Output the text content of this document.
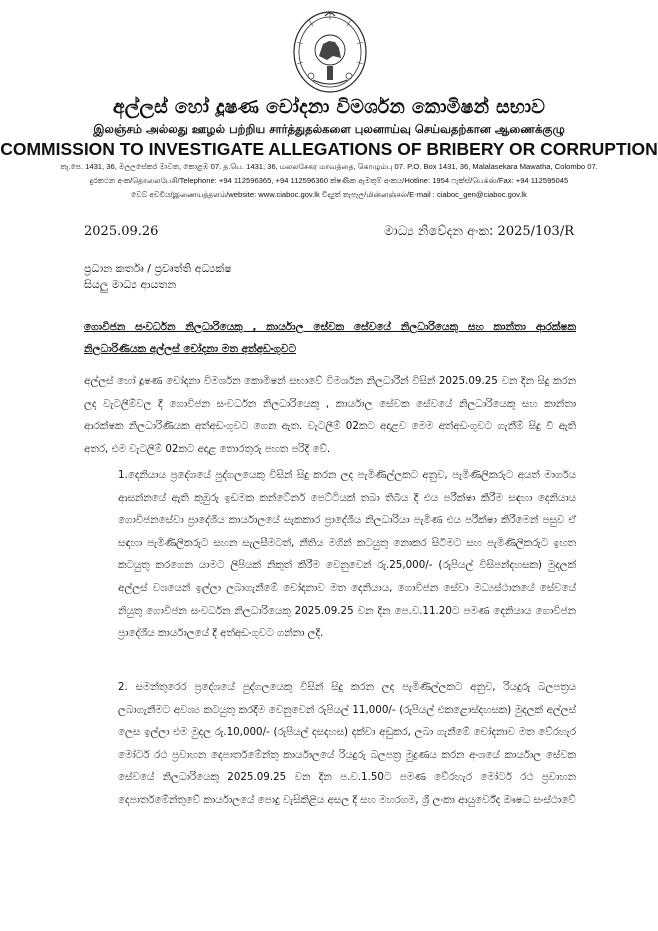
අල්ලස් හෝ දූෂණ චෝදනා විමර්ශන කොමිෂන් සභාව
இலஞ்சம் அல்லது ஊழல் பற்றிய சார்த்துதல்களை புலனாய்வு செய்வதற்கான ஆணைக்குழு
COMMISSION TO INVESTIGATE ALLEGATIONS OF BRIBERY OR CORRUPTION
තැ.පෙ. 1431, 36, මලලසේකර මාවත, කොළඹ 07. த.பெ. 1431, 36, மலலசேகர மாவத்தை, கொழும்பு 07. P.O. Box 1431, 36, Malalasekara Mawatha, Colombo 07.
දුරකථන අංක/தொலைபேசி/Telephone: +94 112596365, +94 112596360 ක්ෂණික ඇමතුම් අංකය/Hotline: 1954 ෆැක්ස්/பெக்ஸ்/Fax: +94 112595045
වෙබ් අඩවිය/இணையத்தளம்/website: www.ciaboc.gov.lk විද්‍යුත් තැපෑල/மின்னஞ்சல்/E-mail : ciaboc_gen@ciaboc.gov.lk
2025.09.26	මාධ්‍ය නිවේදන අංක: 2025/103/R
ප්‍රධාන කර්තෘ / ප්‍රවෘත්ති අධ්‍යක්ෂ
සියලු මාධ්‍ය ආයතන
ගොවිජන සංවර්ධන නිලධාරියෙකු , කාර්යාල සේවක සේවයේ නිලධාරියෙකු සහ කාන්තා ආරක්ෂක නිලධාරිණියක අල්ලස් චෝදනා මත අත්අඩංගුවට
අල්ලස් හෝ දූෂණ චෝදනා විමර්ශන කොමිෂන් සභාවේ විමර්ශන නිලධාරීන් විසින් 2025.09.25 වන දින සිදු කරන ලද වැටලීම්වල දී ගොවිජන සංවර්ධන නිලධාරියෙකු , කාර්යාල සේවක සේවයේ නිලධාරියෙකු සහ කාන්තා ආරක්ෂක නිලධාරිණියක අත්අඩංගුවට ගෙන ඇත. වැටලීම් 02කට අදාළව මෙම අත්අඩංගුවට ගැනීම් සිදු වී ඇති අතර, එම වැටලීම් 02කට අදාළ තොරතුරු පහත පරිදි වේ.
1.දෙනියාය ප්‍රදේශයේ පුද්ගලයෙකු විසින් සිදු කරන ලද පැමිණිල්ලකට අනුව, පැමිණිලිකරුට අයත් මාර්ගය ආසන්නයේ ඇති කුඹුරු ඉඩමක කන්ටේනර් පෙට්ටියක් තබා තිබීය දී එය පරීක්ෂා කිරීම සඳහා දෙනියාය ගොවිජනසේවා ප්‍රාදේශීය කාර්යාලයේ සැකකාර ප්‍රාදේශීය නිලධාරියා පැමිණ එය පරීක්ෂා කිරීමෙන් පසුව ඒ සඳහා පැමිණිලිකරුට සහන සැලසීමටත්, නීතිය මගින් කටයුතු නොකර සිටීමට සහ පැමිණිලිකරුට ඉහත කටයුතු කරගෙන යාමට ලිපියක් නිකුත් කිරීම වෙනුවෙන් රු.25,000/- (රුපියල් විසිපන්දහසක) මුදලක් අල්ලස් වශයෙන් ඉල්ලා ලබාගැනීමේ චෝදනාව මත දෙනියාය, ගොවිජන සේවා මධ්‍යස්ථානයේ සේවයේ නියුතු ගොවිජන සංවර්ධන නිලධාරියෙකු 2025.09.25 වන දින පෙ.ව.11.20ට පමණ දෙනියාය ගොවිජන ප්‍රාදේශීය කාර්යාලයේ දී අත්අඩංගුවට ගන්නා ලදී.
2. සමන්තුරෙර ප්‍රදේශයේ පුද්ගලයෙකු විසින් සිදු කරන ලද පැමිණිල්ලකට අනුව, රියදුරු බලපත්‍රය ලබාගැනීමට අවශ්‍ය කටයුතු කරදීම වෙනුවෙන් රුපියල් 11,000/- (රුපියල් එකළොස්දහසක) මුදලක් අල්ලස් ලෙස ඉල්ලා එම මුදල රු.10,000/- (රුපියල් දසදහස) දක්වා අඩුකර, ලබා ගැනීමේ චෝදනාව මත වේරහැර මෝටර් රථ ප්‍රවාහන දෙපාර්තමේන්තු කාර්යාලයේ රියදුරු බලපත්‍ර මුද්‍රණය කරන අංශයේ කාර්යාල සේවක සේවයේ නිලධාරියෙකු 2025.09.25 වන දින ප.ව.1.50ට පමණ වේරහැර මෝටර් රථ ප්‍රවාහන දෙපාර්තමේන්තුවේ කාර්යාලයේ පොදු වැසිකිළිය අසල දී සහ මහරගම, ශ්‍රී ලංකා ආයුර්වේද ඖෂධ සංස්ථාවේ
